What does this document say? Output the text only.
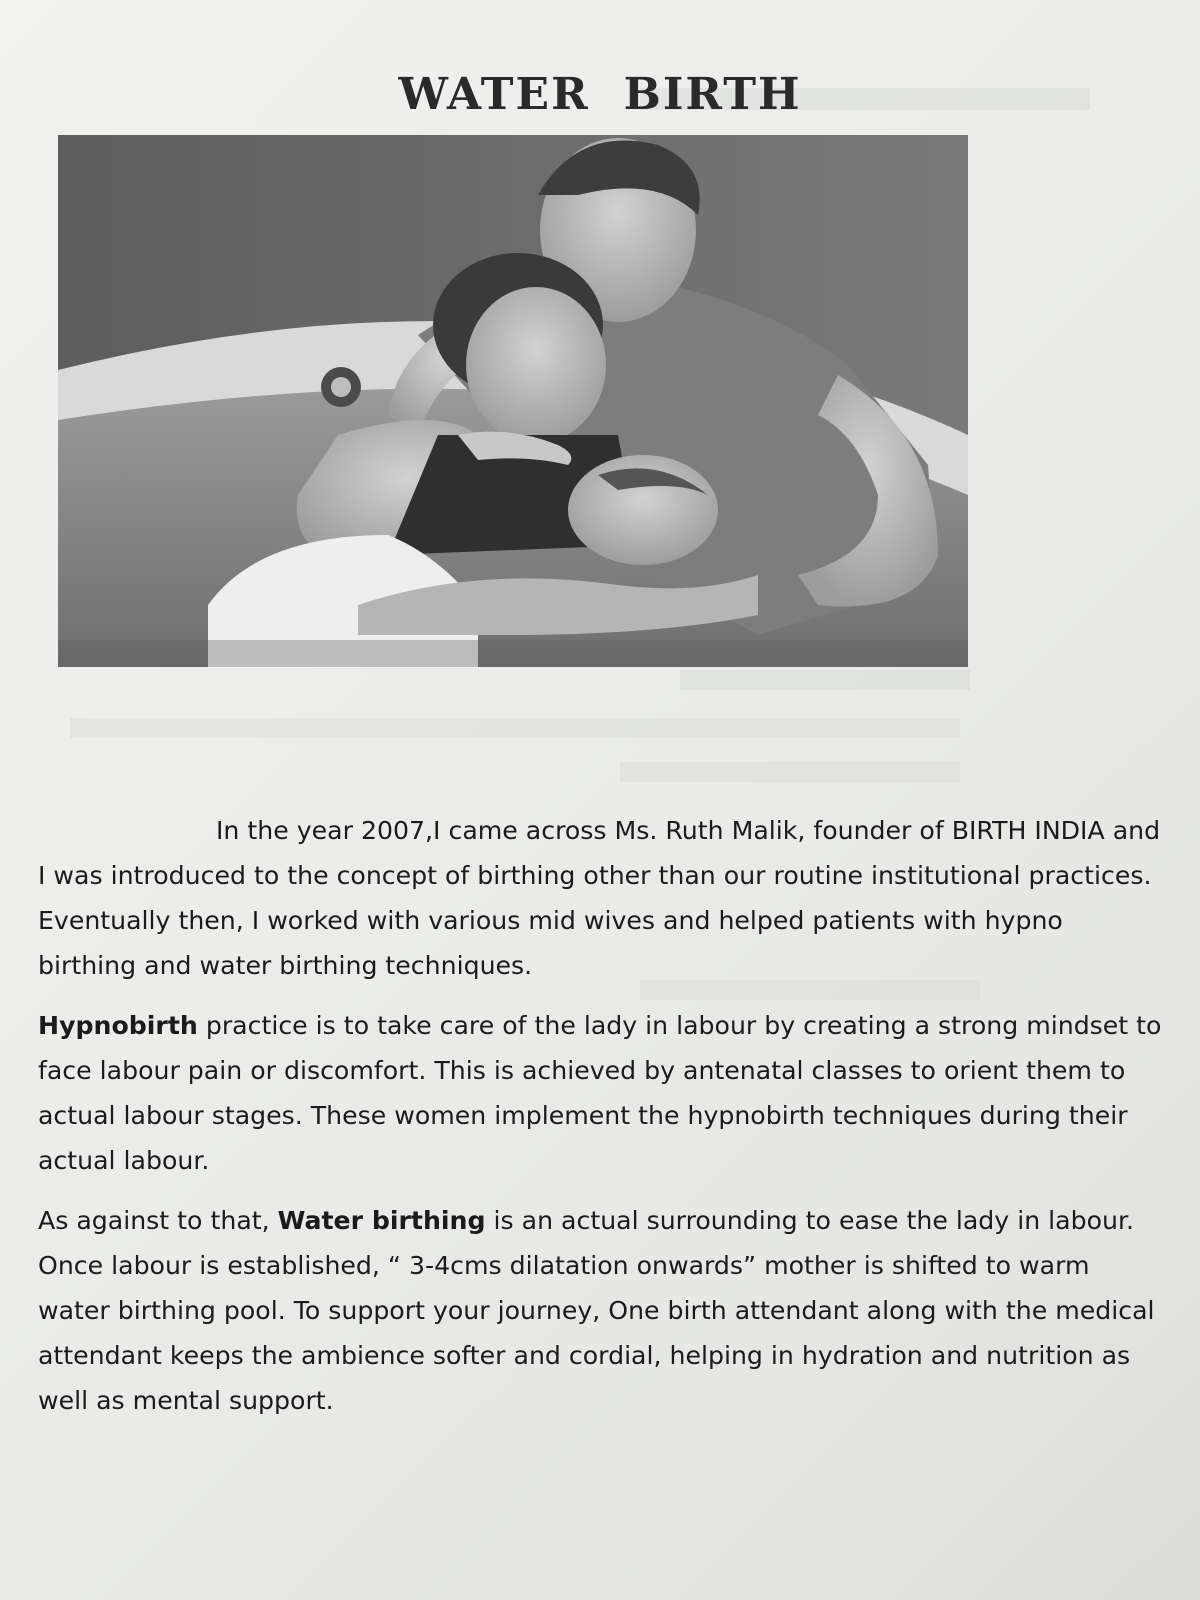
WATER BIRTH

In the year 2007,I came across Ms. Ruth Malik, founder of BIRTH INDIA and I was introduced to the concept of birthing other than our routine institutional practices. Eventually then, I worked with various mid wives and helped patients with hypno birthing and water birthing techniques.

Hypnobirth practice is to take care of the lady in labour by creating a strong mindset to face labour pain or discomfort. This is achieved by antenatal classes to orient them to actual labour stages. These women implement the hypnobirth techniques during their actual labour.

As against to that, Water birthing is an actual surrounding to ease the lady in labour. Once labour is established, “ 3-4cms dilatation onwards” mother is shifted to warm water birthing pool. To support your journey, One birth attendant along with the medical attendant keeps the ambience softer and cordial, helping in hydration and nutrition as well as mental support.
